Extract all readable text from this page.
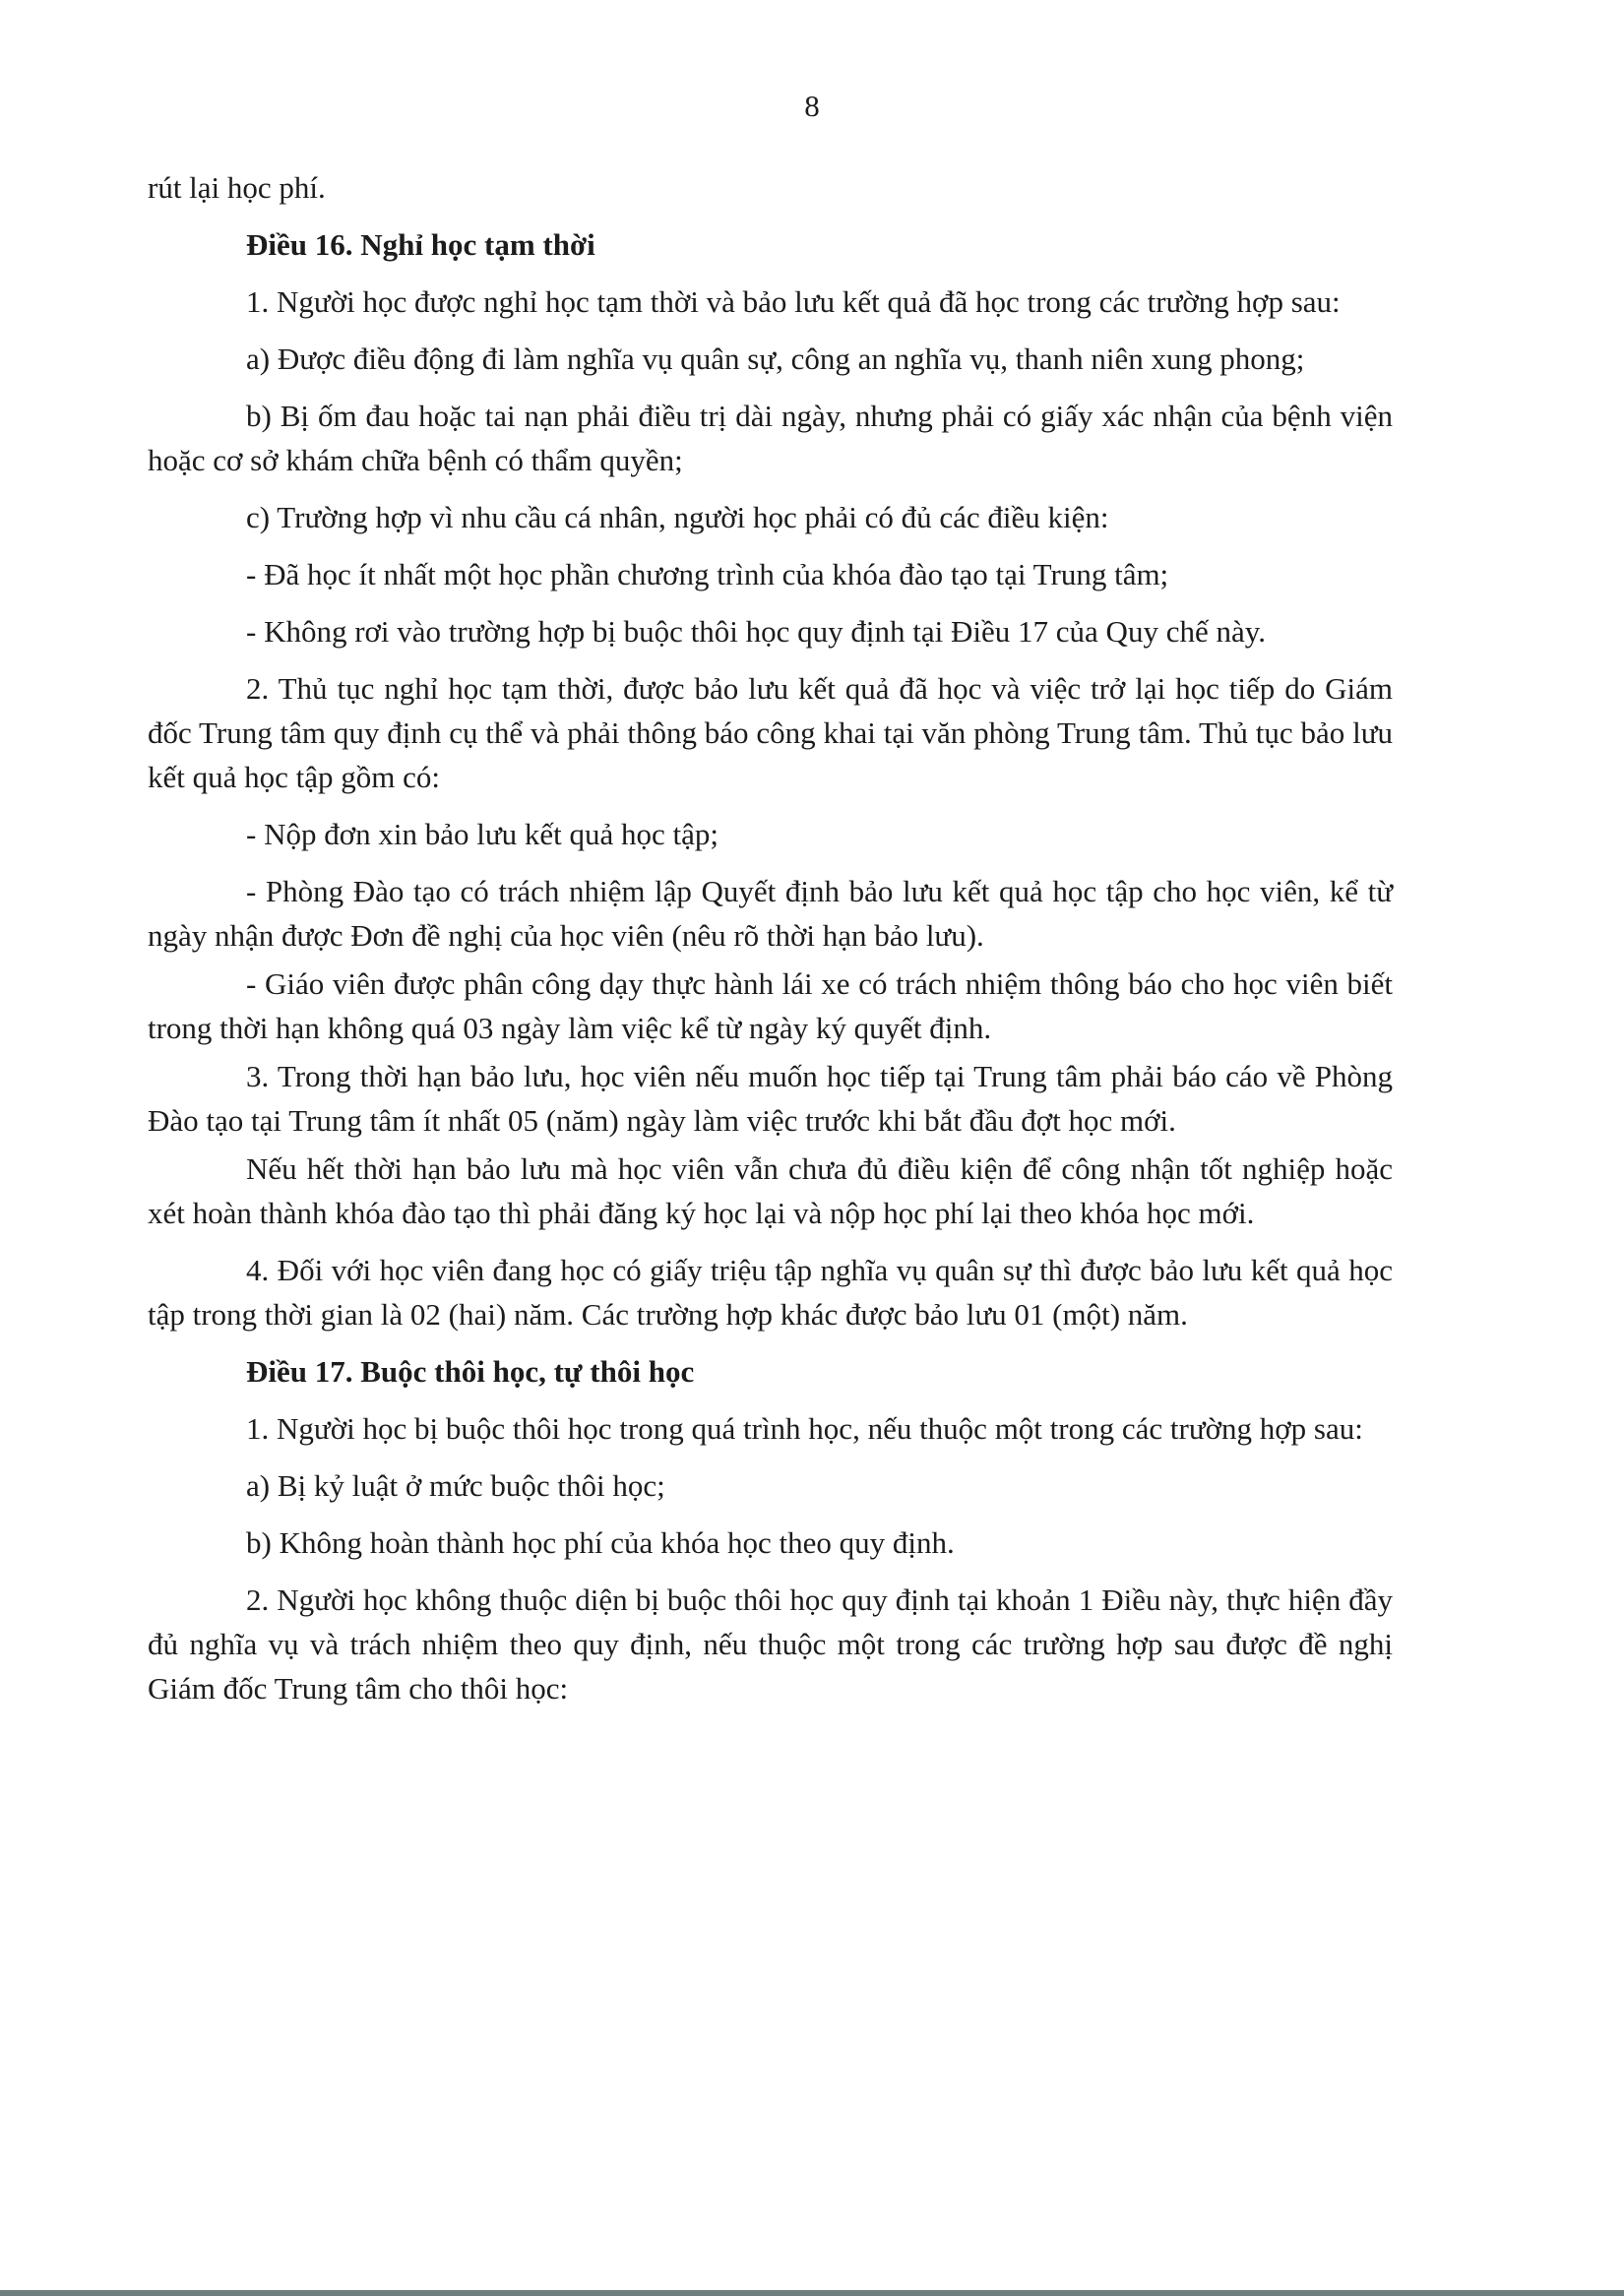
8

rút lại học phí.

Điều 16. Nghỉ học tạm thời

1. Người học được nghỉ học tạm thời và bảo lưu kết quả đã học trong các trường hợp sau:

a) Được điều động đi làm nghĩa vụ quân sự, công an nghĩa vụ, thanh niên xung phong;

b) Bị ốm đau hoặc tai nạn phải điều trị dài ngày, nhưng phải có giấy xác nhận của bệnh viện hoặc cơ sở khám chữa bệnh có thẩm quyền;

c) Trường hợp vì nhu cầu cá nhân, người học phải có đủ các điều kiện:

- Đã học ít nhất một học phần chương trình của khóa đào tạo tại Trung tâm;

- Không rơi vào trường hợp bị buộc thôi học quy định tại Điều 17 của Quy chế này.

2. Thủ tục nghỉ học tạm thời, được bảo lưu kết quả đã học và việc trở lại học tiếp do Giám đốc Trung tâm quy định cụ thể và phải thông báo công khai tại văn phòng Trung tâm. Thủ tục bảo lưu kết quả học tập gồm có:

- Nộp đơn xin bảo lưu kết quả học tập;

- Phòng Đào tạo có trách nhiệm lập Quyết định bảo lưu kết quả học tập cho học viên, kể từ ngày nhận được Đơn đề nghị của học viên (nêu rõ thời hạn bảo lưu).

- Giáo viên được phân công dạy thực hành lái xe có trách nhiệm thông báo cho học viên biết trong thời hạn không quá 03 ngày làm việc kể từ ngày ký quyết định.

3. Trong thời hạn bảo lưu, học viên nếu muốn học tiếp tại Trung tâm phải báo cáo về Phòng Đào tạo tại Trung tâm ít nhất 05 (năm) ngày làm việc trước khi bắt đầu đợt học mới.

Nếu hết thời hạn bảo lưu mà học viên vẫn chưa đủ điều kiện để công nhận tốt nghiệp hoặc xét hoàn thành khóa đào tạo thì phải đăng ký học lại và nộp học phí lại theo khóa học mới.

4. Đối với học viên đang học có giấy triệu tập nghĩa vụ quân sự thì được bảo lưu kết quả học tập trong thời gian là 02 (hai) năm. Các trường hợp khác được bảo lưu 01 (một) năm.

Điều 17. Buộc thôi học, tự thôi học

1. Người học bị buộc thôi học trong quá trình học, nếu thuộc một trong các trường hợp sau:

a) Bị kỷ luật ở mức buộc thôi học;

b) Không hoàn thành học phí của khóa học theo quy định.

2. Người học không thuộc diện bị buộc thôi học quy định tại khoản 1 Điều này, thực hiện đầy đủ nghĩa vụ và trách nhiệm theo quy định, nếu thuộc một trong các trường hợp sau được đề nghị Giám đốc Trung tâm cho thôi học:
